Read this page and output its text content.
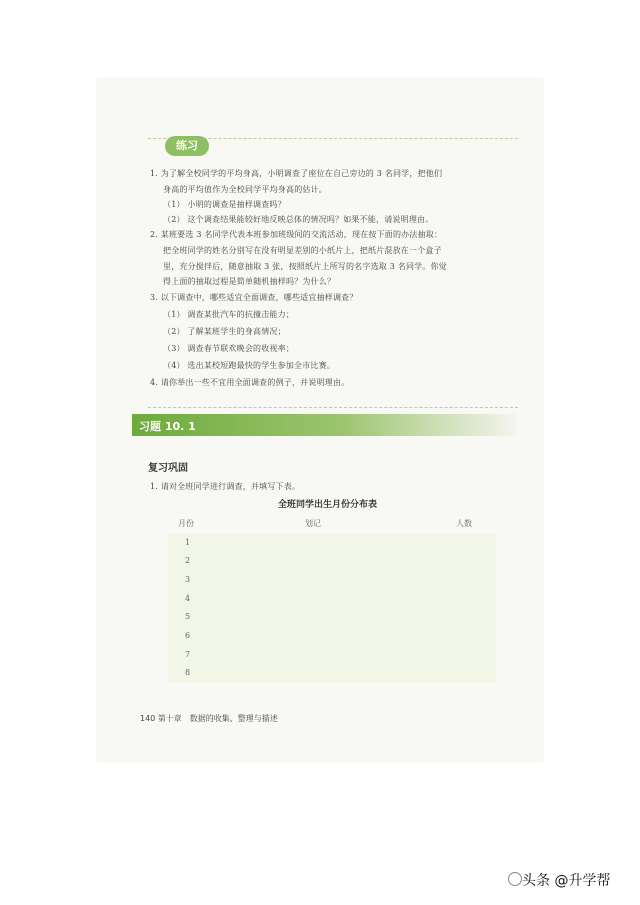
练习
1. 为了解全校同学的平均身高，小明调查了座位在自己旁边的 3 名同学，把他们
身高的平均值作为全校同学平均身高的估计。
（1） 小明的调查是抽样调查吗？
（2） 这个调查结果能较好地反映总体的情况吗？如果不能，请说明理由。
2. 某班要选 3 名同学代表本班参加班级间的交流活动，现在按下面的办法抽取：
把全班同学的姓名分别写在没有明显差别的小纸片上，把纸片混放在一个盒子
里，充分搅拌后，随意抽取 3 张，按照纸片上所写的名字选取 3 名同学。你觉
得上面的抽取过程是简单随机抽样吗？为什么？
3. 以下调查中，哪些适宜全面调查，哪些适宜抽样调查？
（1） 调查某批汽车的抗撞击能力；
（2） 了解某班学生的身高情况；
（3） 调查春节联欢晚会的收视率；
（4） 选出某校短跑最快的学生参加全市比赛。
4. 请你举出一些不宜用全面调查的例子，并说明理由。
习题 10. 1
复习巩固
1. 请对全班同学进行调查，并填写下表。
全班同学出生月份分布表
月份	划记	人数
1
2
3
4
5
6
7
8
140 第十章　数据的收集、整理与描述
头条 @升学帮
